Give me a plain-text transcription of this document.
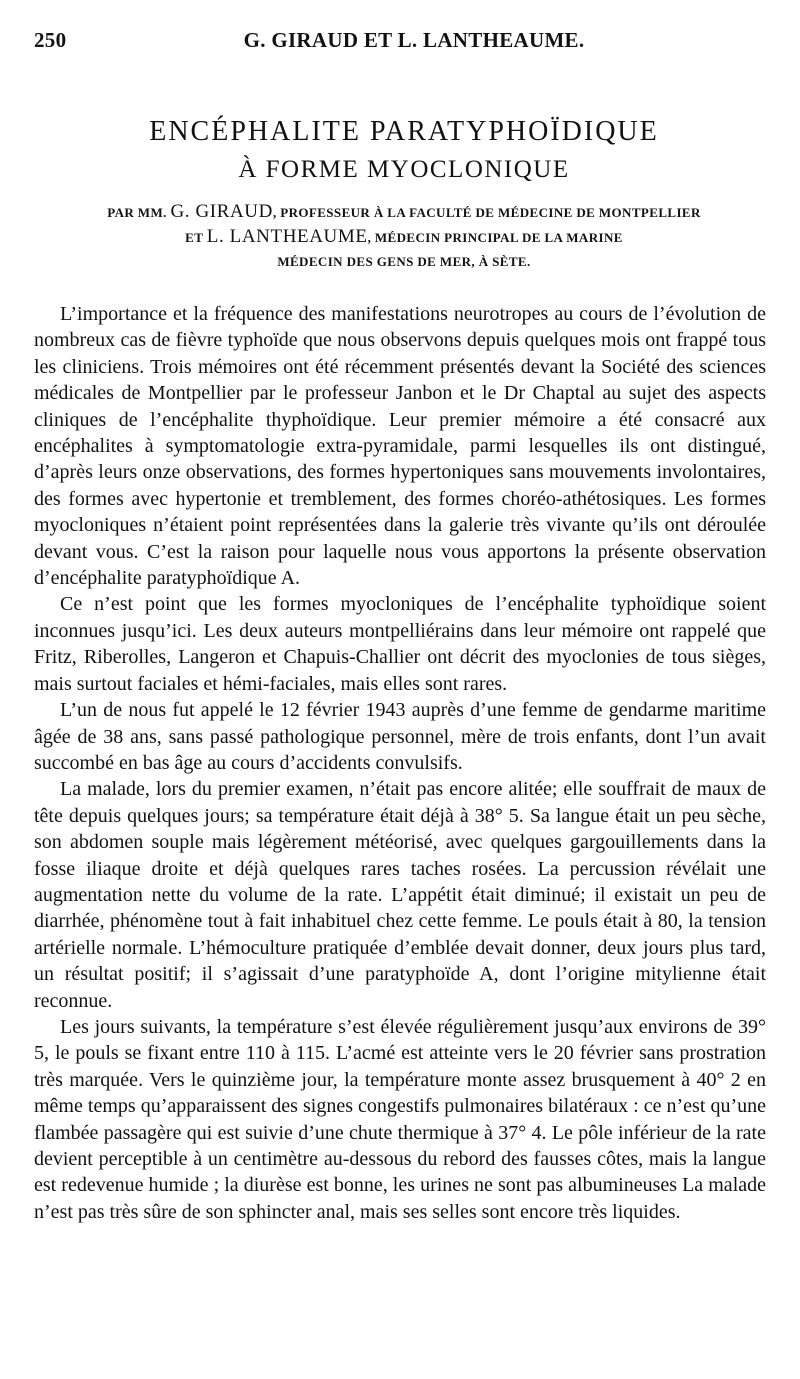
250	G. GIRAUD ET L. LANTHEAUME.
ENCÉPHALITE PARATYPHOÏDIQUE
À FORME MYOCLONIQUE
PAR MM. G. GIRAUD, PROFESSEUR À LA FACULTÉ DE MÉDECINE DE MONTPELLIER
ET L. LANTHEAUME, MÉDECIN PRINCIPAL DE LA MARINE
MÉDECIN DES GENS DE MER, À SÈTE.

L’importance et la fréquence des manifestations neurotropes au cours de l’évolution de nombreux cas de fièvre typhoïde que nous observons depuis quelques mois ont frappé tous les cliniciens. Trois mémoires ont été récemment présentés devant la Société des sciences médicales de Montpellier par le professeur Janbon et le Dr Chaptal au sujet des aspects cliniques de l’encéphalite thyphoïdique. Leur premier mémoire a été consacré aux encéphalites à symptomatologie extra-pyramidale, parmi lesquelles ils ont distingué, d’après leurs onze observations, des formes hypertoniques sans mouvements involontaires, des formes avec hypertonie et tremblement, des formes choréo-athétosiques. Les formes myocloniques n’étaient point représentées dans la galerie très vivante qu’ils ont déroulée devant vous. C’est la raison pour laquelle nous vous apportons la présente observation d’encéphalite paratyphoïdique A.

Ce n’est point que les formes myocloniques de l’encéphalite typhoïdique soient inconnues jusqu’ici. Les deux auteurs montpelliérains dans leur mémoire ont rappelé que Fritz, Riberolles, Langeron et Chapuis-Challier ont décrit des myoclonies de tous sièges, mais surtout faciales et hémi-faciales, mais elles sont rares.

L’un de nous fut appelé le 12 février 1943 auprès d’une femme de gendarme maritime âgée de 38 ans, sans passé pathologique personnel, mère de trois enfants, dont l’un avait succombé en bas âge au cours d’accidents convulsifs.

La malade, lors du premier examen, n’était pas encore alitée; elle souffrait de maux de tête depuis quelques jours; sa température était déjà à 38° 5. Sa langue était un peu sèche, son abdomen souple mais légèrement météorisé, avec quelques gargouillements dans la fosse iliaque droite et déjà quelques rares taches rosées. La percussion révélait une augmentation nette du volume de la rate. L’appétit était diminué; il existait un peu de diarrhée, phénomène tout à fait inhabituel chez cette femme. Le pouls était à 80, la tension artérielle normale. L’hémoculture pratiquée d’emblée devait donner, deux jours plus tard, un résultat positif; il s’agissait d’une paratyphoïde A, dont l’origine mitylienne était reconnue.

Les jours suivants, la température s’est élevée régulièrement jusqu’aux environs de 39° 5, le pouls se fixant entre 110 à 115. L’acmé est atteinte vers le 20 février sans prostration très marquée. Vers le quinzième jour, la température monte assez brusquement à 40° 2 en même temps qu’apparaissent des signes congestifs pulmonaires bilatéraux : ce n’est qu’une flambée passagère qui est suivie d’une chute thermique à 37° 4. Le pôle inférieur de la rate devient perceptible à un centimètre au-dessous du rebord des fausses côtes, mais la langue est redevenue humide ; la diurèse est bonne, les urines ne sont pas albumineuses La malade n’est pas très sûre de son sphincter anal, mais ses selles sont encore très liquides.
